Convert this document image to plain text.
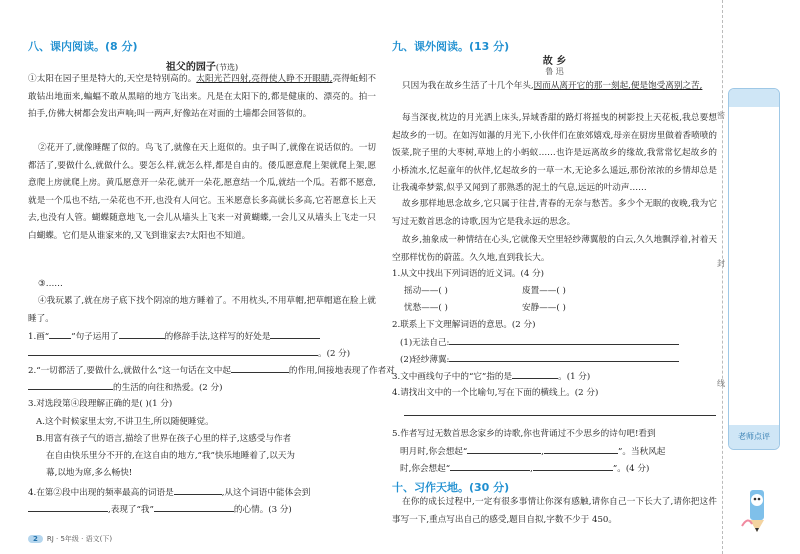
密
封
线
八、课内阅读。(8 分)
祖父的园子(节选)
①太阳在园子里是特大的,天空是特别高的。太阳光芒四射,亮得使人睁不开眼睛,亮得蚯蚓不敢钻出地面来,蝙蝠不敢从黑暗的地方飞出来。凡是在太阳下的,都是健康的、漂亮的。拍一拍手,仿佛大树都会发出声响;叫一两声,好像站在对面的土墙都会回答似的。
②花开了,就像睡醒了似的。鸟飞了,就像在天上逛似的。虫子叫了,就像在说话似的。一切都活了,要做什么,就做什么。要怎么样,就怎么样,都是自由的。倭瓜愿意爬上架就爬上架,愿意爬上房就爬上房。黄瓜愿意开一朵花,就开一朵花,愿意结一个瓜,就结一个瓜。若都不愿意,就是一个瓜也不结,一朵花也不开,也没有人问它。玉米愿意长多高就长多高,它若愿意长上天去,也没有人管。蝴蝶随意地飞,一会儿从墙头上飞来一对黄蝴蝶,一会儿又从墙头上飞走一只白蝴蝶。它们是从谁家来的,又飞到谁家去?太阳也不知道。
③……
④我玩累了,就在房子底下找个阴凉的地方睡着了。不用枕头,不用草帽,把草帽遮在脸上就睡了。
1.画“	”句子运用了	的修辞手法,这样写的好处是
。(2 分)
2.“一切都活了,要做什么,就做什么”这一句话在文中起	的作用,间接地表现了作者对
的生活的向往和热爱。(2 分)
3.对选段第④段理解正确的是( )(1 分)
A.这个时候家里太穷,不讲卫生,所以随便睡觉。
B.用富有孩子气的语言,描绘了世界在孩子心里的样子,这感受与作者
在自由快乐里分不开的,在这自由的地方,“我”快乐地睡着了,以天为
幕,以地为席,多么畅快!
4.在第②段中出现的频率最高的词语是	,从这个词语中能体会到
,表现了“我”	的心情。(3 分)
九、课外阅读。(13 分)
故 乡
鲁 迅
只因为我在故乡生活了十几个年头,因而从离开它的那一刻起,便是饱受离别之苦,
每当深夜,枕边的月光洒上床头,异域香甜的路灯将摇曳的树影投上天花板,我总要想起故乡的一切。在如泻如瀑的月光下,小伙伴们在旅郊嬉戏,母亲在厨房里做着香喷喷的饭菜,院子里的大枣树,草地上的小蚂蚁……也许是远离故乡的缘故,我常常忆起故乡的小桥流水,忆起童年的伙伴,忆起故乡的一草一木,无论多么遥远,那份浓浓的乡情却总是让我魂牵梦萦,似乎又闻到了那熟悉的泥土的气息,远远的叶动声……
故乡那样地思念故乡,它只属于往昔,青春的无奈与愁苦。多少个无眠的夜晚,我为它写过无数首思念的诗歌,因为它是我永远的思念。
故乡,抽象成一种情结在心头,它就像天空里轻纱薄翼般的白云,久久地飘浮着,衬着天空那样忧伤的蔚蓝。久久地,直到我长大。
1.从文中找出下列词语的近义词。(4 分)
摇动——( )	废置——( )
忧愁——( )	安静——( )
2.联系上下文理解词语的意思。(2 分)
(1)无法自己:
(2)轻纱薄翼:
3.文中画线句子中的“它”指的是	。(1 分)
4.请找出文中的一个比喻句,写在下面的横线上。(2 分)
5.作者写过无数首思念家乡的诗歌,你也背诵过不少思乡的诗句吧!看到
明月时,你会想起“	,	”。当秋风起
时,你会想起“	,	”。(4 分)
十、习作天地。(30 分)
在你的成长过程中,一定有很多事情让你深有感触,请你自己一下长大了,请你把这件事写一下,重点写出自己的感受,题目自拟,字数不少于 450。
老师点评
2 RJ · 5年级 · 语文(下)
